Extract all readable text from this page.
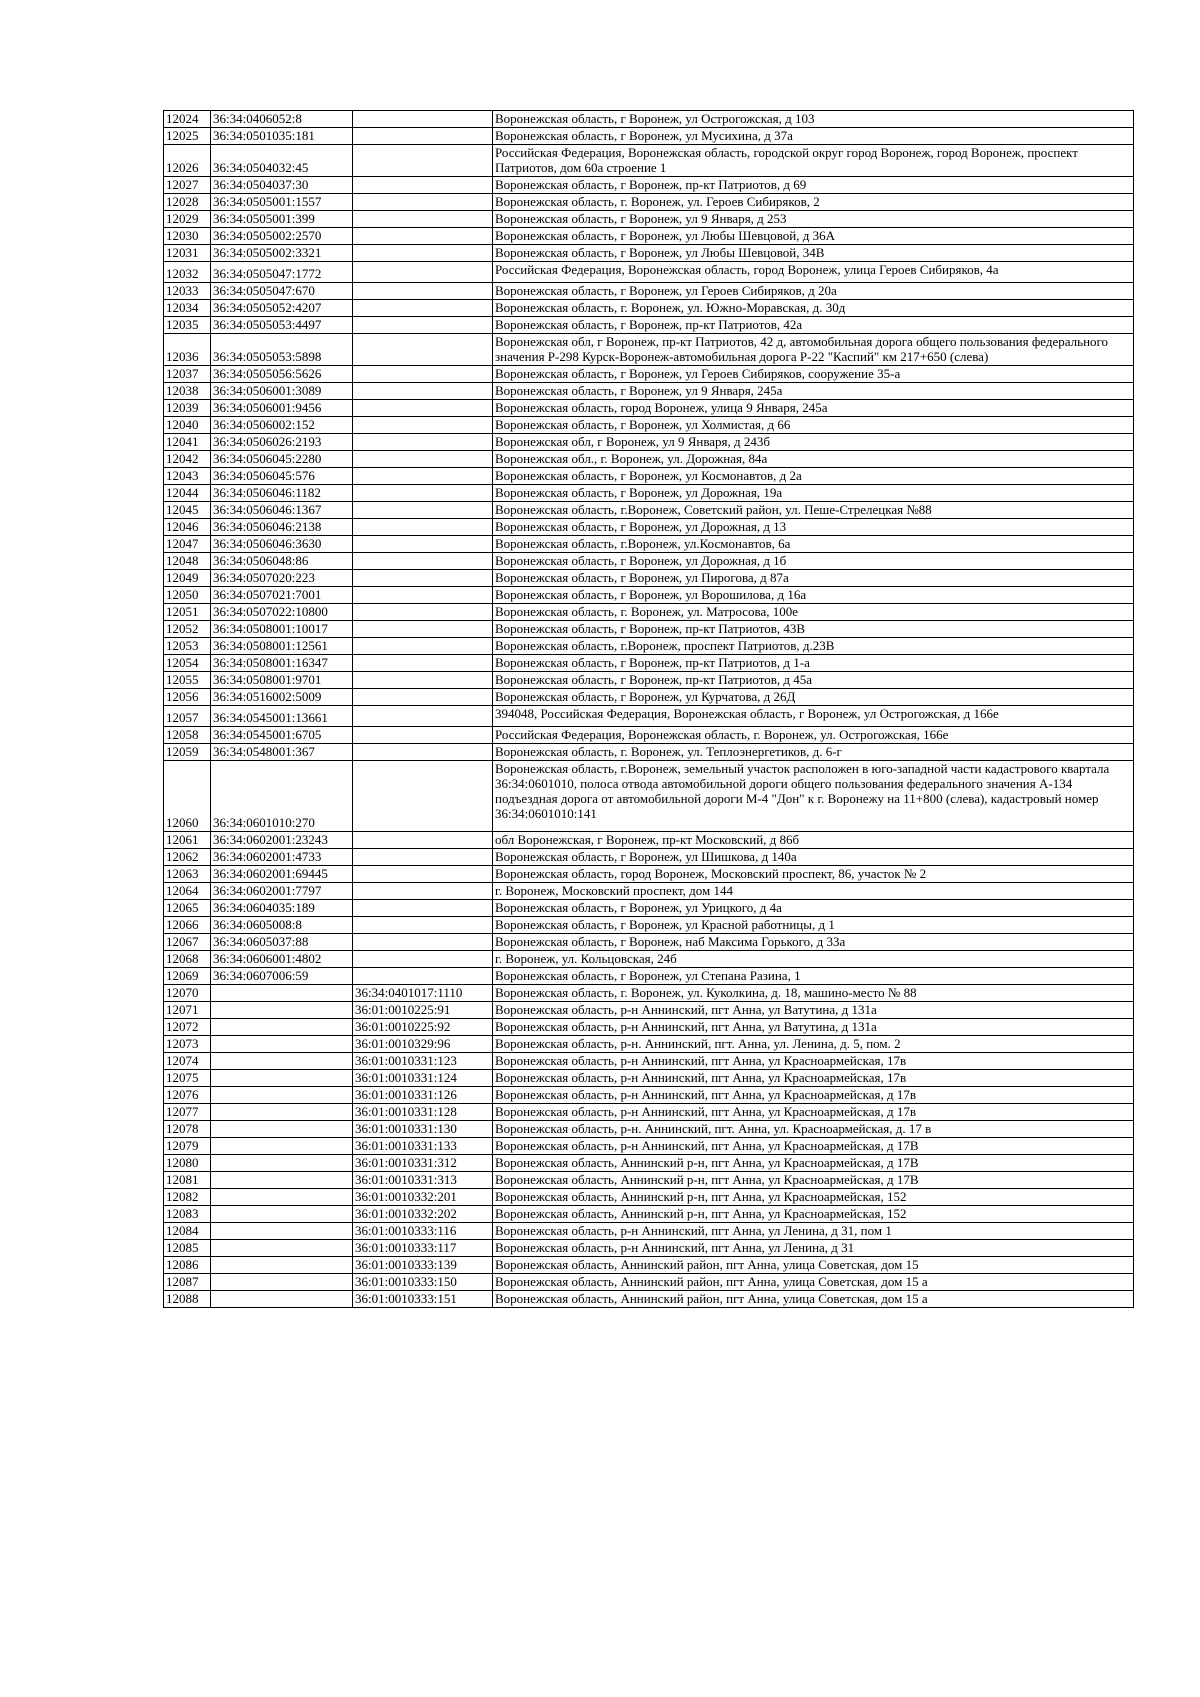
12024	36:34:0406052:8		Воронежская область, г Воронеж, ул Острогожская, д 103
12025	36:34:0501035:181		Воронежская область, г Воронеж, ул Мусихина, д 37а
12026	36:34:0504032:45		Российская Федерация, Воронежская область, городской округ город Воронеж, город Воронеж, проспект Патриотов, дом 60а строение 1
12027	36:34:0504037:30		Воронежская область, г Воронеж, пр-кт Патриотов, д 69
12028	36:34:0505001:1557		Воронежская область, г. Воронеж, ул. Героев Сибиряков, 2
12029	36:34:0505001:399		Воронежская область, г Воронеж, ул 9 Января, д 253
12030	36:34:0505002:2570		Воронежская область, г Воронеж, ул Любы Шевцовой, д 36А
12031	36:34:0505002:3321		Воронежская область, г Воронеж, ул Любы Шевцовой, 34В
12032	36:34:0505047:1772		Российская Федерация, Воронежская область, город Воронеж, улица Героев Сибиряков, 4а
12033	36:34:0505047:670		Воронежская область, г Воронеж, ул Героев Сибиряков, д 20а
12034	36:34:0505052:4207		Воронежская область, г. Воронеж, ул. Южно-Моравская, д. 30д
12035	36:34:0505053:4497		Воронежская область, г Воронеж, пр-кт Патриотов, 42а
12036	36:34:0505053:5898		Воронежская обл, г Воронеж, пр-кт Патриотов, 42 д, автомобильная дорога общего пользования федерального значения Р-298 Курск-Воронеж-автомобильная дорога Р-22 "Каспий" км 217+650 (слева)
12037	36:34:0505056:5626		Воронежская область, г Воронеж, ул Героев Сибиряков, сооружение 35-а
12038	36:34:0506001:3089		Воронежская область, г Воронеж, ул 9 Января, 245а
12039	36:34:0506001:9456		Воронежская область, город Воронеж, улица 9 Января, 245а
12040	36:34:0506002:152		Воронежская область, г Воронеж, ул Холмистая, д 66
12041	36:34:0506026:2193		Воронежская обл, г Воронеж, ул 9 Января, д 243б
12042	36:34:0506045:2280		Воронежская обл., г. Воронеж, ул. Дорожная, 84а
12043	36:34:0506045:576		Воронежская область, г Воронеж, ул Космонавтов, д 2а
12044	36:34:0506046:1182		Воронежская область, г Воронеж, ул Дорожная, 19а
12045	36:34:0506046:1367		Воронежская область, г.Воронеж, Советский район, ул. Пеше-Стрелецкая №88
12046	36:34:0506046:2138		Воронежская область, г Воронеж, ул Дорожная, д 13
12047	36:34:0506046:3630		Воронежская область, г.Воронеж, ул.Космонавтов, 6а
12048	36:34:0506048:86		Воронежская область, г Воронеж, ул Дорожная, д 1б
12049	36:34:0507020:223		Воронежская область, г Воронеж, ул Пирогова, д 87а
12050	36:34:0507021:7001		Воронежская область, г Воронеж, ул Ворошилова, д 16а
12051	36:34:0507022:10800		Воронежская область, г. Воронеж, ул. Матросова, 100е
12052	36:34:0508001:10017		Воронежская область, г Воронеж, пр-кт Патриотов, 43В
12053	36:34:0508001:12561		Воронежская область, г.Воронеж, проспект Патриотов, д.23В
12054	36:34:0508001:16347		Воронежская область, г Воронеж, пр-кт Патриотов, д 1-а
12055	36:34:0508001:9701		Воронежская область, г Воронеж, пр-кт Патриотов, д 45а
12056	36:34:0516002:5009		Воронежская область, г Воронеж, ул Курчатова, д 26Д
12057	36:34:0545001:13661		394048, Российская Федерация, Воронежская область, г Воронеж, ул Острогожская, д 166е
12058	36:34:0545001:6705		Российская Федерация, Воронежская область, г. Воронеж, ул. Острогожская, 166е
12059	36:34:0548001:367		Воронежская область, г. Воронеж, ул. Теплоэнергетиков, д. 6-г
12060	36:34:0601010:270		Воронежская область, г.Воронеж, земельный участок расположен в юго-западной части кадастрового квартала 36:34:0601010, полоса отвода автомобильной дороги общего пользования федерального значения А-134 подъездная дорога от автомобильной дороги М-4 "Дон" к г. Воронежу на 11+800 (слева), кадастровый номер 36:34:0601010:141
12061	36:34:0602001:23243		обл Воронежская, г Воронеж, пр-кт Московский, д 86б
12062	36:34:0602001:4733		Воронежская область, г Воронеж, ул Шишкова, д 140а
12063	36:34:0602001:69445		Воронежская область, город Воронеж, Московский проспект, 86, участок № 2
12064	36:34:0602001:7797		г. Воронеж, Московский проспект, дом 144
12065	36:34:0604035:189		Воронежская область, г Воронеж, ул Урицкого, д 4а
12066	36:34:0605008:8		Воронежская область, г Воронеж, ул Красной работницы, д 1
12067	36:34:0605037:88		Воронежская область, г Воронеж, наб Максима Горького, д 33а
12068	36:34:0606001:4802		г. Воронеж, ул. Кольцовская, 24б
12069	36:34:0607006:59		Воронежская область, г Воронеж, ул Степана Разина, 1
12070		36:34:0401017:1110	Воронежская область, г. Воронеж, ул. Куколкина, д. 18, машино-место № 88
12071		36:01:0010225:91	Воронежская область, р-н Аннинский, пгт Анна, ул Ватутина, д 131а
12072		36:01:0010225:92	Воронежская область, р-н Аннинский, пгт Анна, ул Ватутина, д 131а
12073		36:01:0010329:96	Воронежская область, р-н. Аннинский, пгт. Анна, ул. Ленина, д. 5, пом. 2
12074		36:01:0010331:123	Воронежская область, р-н Аннинский, пгт Анна, ул Красноармейская, 17в
12075		36:01:0010331:124	Воронежская область, р-н Аннинский, пгт Анна, ул Красноармейская, 17в
12076		36:01:0010331:126	Воронежская область, р-н Аннинский, пгт Анна, ул Красноармейская, д 17в
12077		36:01:0010331:128	Воронежская область, р-н Аннинский, пгт Анна, ул Красноармейская, д 17в
12078		36:01:0010331:130	Воронежская область, р-н. Аннинский, пгт. Анна, ул. Красноармейская, д. 17 в
12079		36:01:0010331:133	Воронежская область, р-н Аннинский, пгт Анна, ул Красноармейская, д 17В
12080		36:01:0010331:312	Воронежская область, Аннинский р-н, пгт Анна, ул Красноармейская, д 17В
12081		36:01:0010331:313	Воронежская область, Аннинский р-н, пгт Анна, ул Красноармейская, д 17В
12082		36:01:0010332:201	Воронежская область, Аннинский р-н, пгт Анна, ул Красноармейская, 152
12083		36:01:0010332:202	Воронежская область, Аннинский р-н, пгт Анна, ул Красноармейская, 152
12084		36:01:0010333:116	Воронежская область, р-н Аннинский, пгт Анна, ул Ленина, д 31, пом 1
12085		36:01:0010333:117	Воронежская область, р-н Аннинский, пгт Анна, ул Ленина, д 31
12086		36:01:0010333:139	Воронежская область, Аннинский район, пгт Анна, улица Советская, дом 15
12087		36:01:0010333:150	Воронежская область, Аннинский район, пгт Анна, улица Советская, дом 15 а
12088		36:01:0010333:151	Воронежская область, Аннинский район, пгт Анна, улица Советская, дом 15 а
